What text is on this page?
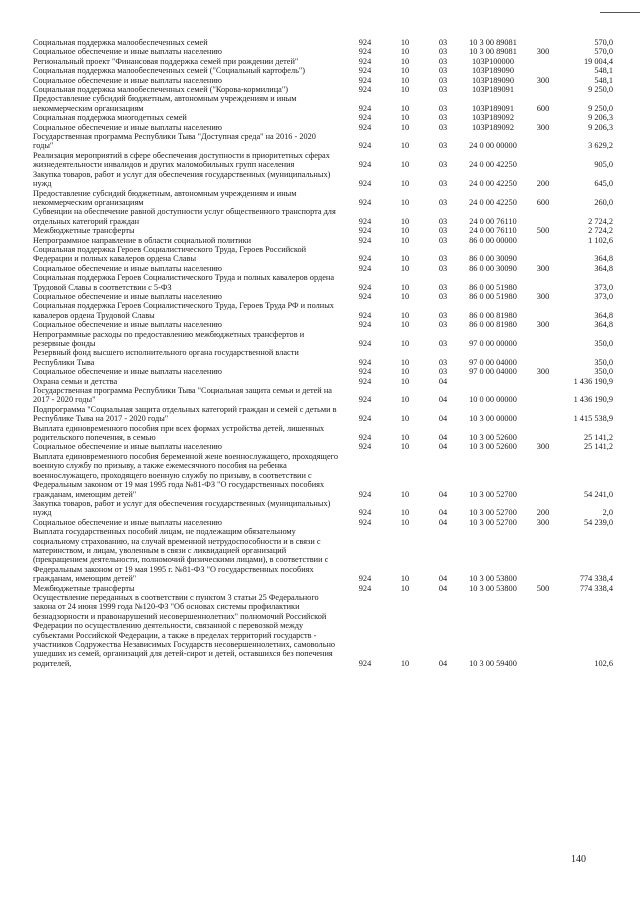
Социальная поддержка малообеспеченных семей	924	10	03	10 3 00 89081		570,0
Социальное обеспечение и иные выплаты населению	924	10	03	10 3 00 89081	300	570,0
Региональный проект "Финансовая поддержка семей при рождении детей"	924	10	03	103P100000		19 004,4
Социальная поддержка малообеспеченных семей ("Социальный картофель")	924	10	03	103P189090		548,1
Социальное обеспечение и иные выплаты населению	924	10	03	103P189090	300	548,1
Социальная поддержка малообеспеченных семей ("Корова-кормилица")	924	10	03	103P189091		9 250,0
Предоставление субсидий бюджетным, автономным учреждениям и иным некоммерческим организациям	924	10	03	103P189091	600	9 250,0
Социальная поддержка многодетных семей	924	10	03	103P189092		9 206,3
Социальное обеспечение и иные выплаты населению	924	10	03	103P189092	300	9 206,3
Государственная программа Республики Тыва "Доступная среда" на 2016 - 2020 годы"	924	10	03	24 0 00 00000		3 629,2
Реализация мероприятий в сфере обеспечения доступности в приоритетных сферах жизнедеятельности инвалидов и других маломобильных групп населения	924	10	03	24 0 00 42250		905,0
Закупка товаров, работ и услуг для обеспечения государственных (муниципальных) нужд	924	10	03	24 0 00 42250	200	645,0
Предоставление субсидий бюджетным, автономным учреждениям и иным некоммерческим организациям	924	10	03	24 0 00 42250	600	260,0
Субвенции на обеспечение равной доступности услуг общественного транспорта для отдельных категорий граждан	924	10	03	24 0 00 76110		2 724,2
Межбюджетные трансферты	924	10	03	24 0 00 76110	500	2 724,2
Непрограммное направление в области социальной политики	924	10	03	86 0 00 00000		1 102,6
Социальная поддержка Героев Социалистического Труда, Героев Российской Федерации и полных кавалеров ордена Славы	924	10	03	86 0 00 30090		364,8
Социальное обеспечение и иные выплаты населению	924	10	03	86 0 00 30090	300	364,8
Социальная поддержка Героев Социалистического Труда и полных кавалеров ордена Трудовой Славы в соответствии с 5-ФЗ	924	10	03	86 0 00 51980		373,0
Социальное обеспечение и иные выплаты населению	924	10	03	86 0 00 51980	300	373,0
Социальная поддержка Героев Социалистического Труда, Героев Труда РФ и полных кавалеров ордена Трудовой Славы	924	10	03	86 0 00 81980		364,8
Социальное обеспечение и иные выплаты населению	924	10	03	86 0 00 81980	300	364,8
Непрограммные расходы по предоставлению межбюджетных трансфертов и резервные фонды	924	10	03	97 0 00 00000		350,0
Резервный фонд высшего исполнительного органа государственной власти Республики Тыва	924	10	03	97 0 00 04000		350,0
Социальное обеспечение и иные выплаты населению	924	10	03	97 0 00 04000	300	350,0
Охрана семьи и детства	924	10	04			1 436 190,9
Государственная программа Республики Тыва "Социальная защита семьи и детей на 2017 - 2020 годы"	924	10	04	10 0 00 00000		1 436 190,9
Подпрограмма "Социальная защита отдельных категорий граждан и семей с детьми в Республике Тыва на 2017 - 2020 годы"	924	10	04	10 3 00 00000		1 415 538,9
Выплата единовременного пособия при всех формах устройства детей, лишенных родительского попечения, в семью	924	10	04	10 3 00 52600		25 141,2
Социальное обеспечение и иные выплаты населению	924	10	04	10 3 00 52600	300	25 141,2
Выплата единовременного пособия беременной жене военнослужащего, проходящего военную службу по призыву, а также ежемесячного пособия на ребенка военнослужащего, проходящего военную службу по призыву, в соответствии с Федеральным законом от 19 мая 1995 года №81-ФЗ "О государственных пособиях гражданам, имеющим детей"	924	10	04	10 3 00 52700		54 241,0
Закупка товаров, работ и услуг для обеспечения государственных (муниципальных) нужд	924	10	04	10 3 00 52700	200	2,0
Социальное обеспечение и иные выплаты населению	924	10	04	10 3 00 52700	300	54 239,0
Выплата государственных пособий лицам, не подлежащим обязательному социальному страхованию, на случай временной нетрудоспособности и в связи с материнством, и лицам, уволенным в связи с ликвидацией организаций (прекращением деятельности, полномочий физическими лицами), в соответствии с Федеральным законом от 19 мая 1995 г. №81-ФЗ "О государственных пособиях гражданам, имеющим детей"	924	10	04	10 3 00 53800		774 338,4
Межбюджетные трансферты	924	10	04	10 3 00 53800	500	774 338,4
Осуществление переданных в соответствии с пунктом 3 статьи 25 Федерального закона от 24 июня 1999 года №120-ФЗ "Об основах системы профилактики безнадзорности и правонарушений несовершеннолетних" полномочий Российской Федерации по осуществлению деятельности, связанной с перевозкой между субъектами Российской Федерации, а также в пределах территорий государств - участников Содружества Независимых Государств несовершеннолетних, самовольно ушедших из семей, организаций для детей-сирот и детей, оставшихся без попечения родителей,	924	10	04	10 3 00 59400		102,6
140
